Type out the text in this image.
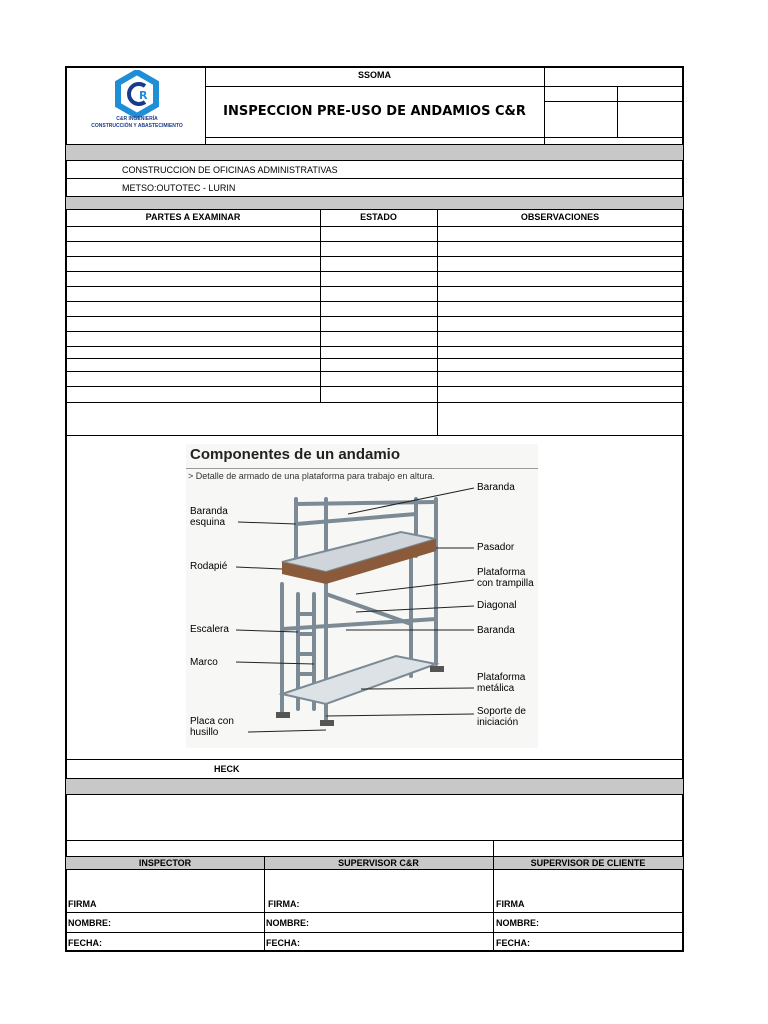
SSOMA
INSPECCION PRE-USO DE ANDAMIOS C&R
R
C&R INGENIERÍA
CONSTRUCCIÓN Y ABASTECIMIENTO
CONSTRUCCION DE OFICINAS ADMINISTRATIVAS
METSO:OUTOTEC - LURIN
PARTES A EXAMINAR	ESTADO	OBSERVACIONES
Componentes de un andamio
> Detalle de armado de una plataforma para trabajo en altura.
Baranda esquina
Rodapié
Escalera
Marco
Placa con husillo
Baranda
Pasador
Plataforma con trampilla
Diagonal
Baranda
Plataforma metálica
Soporte de iniciación
HECK
INSPECTOR	SUPERVISOR C&R	SUPERVISOR DE CLIENTE
FIRMA	FIRMA:	FIRMA
NOMBRE:	NOMBRE:	NOMBRE:
FECHA:	FECHA:	FECHA:
